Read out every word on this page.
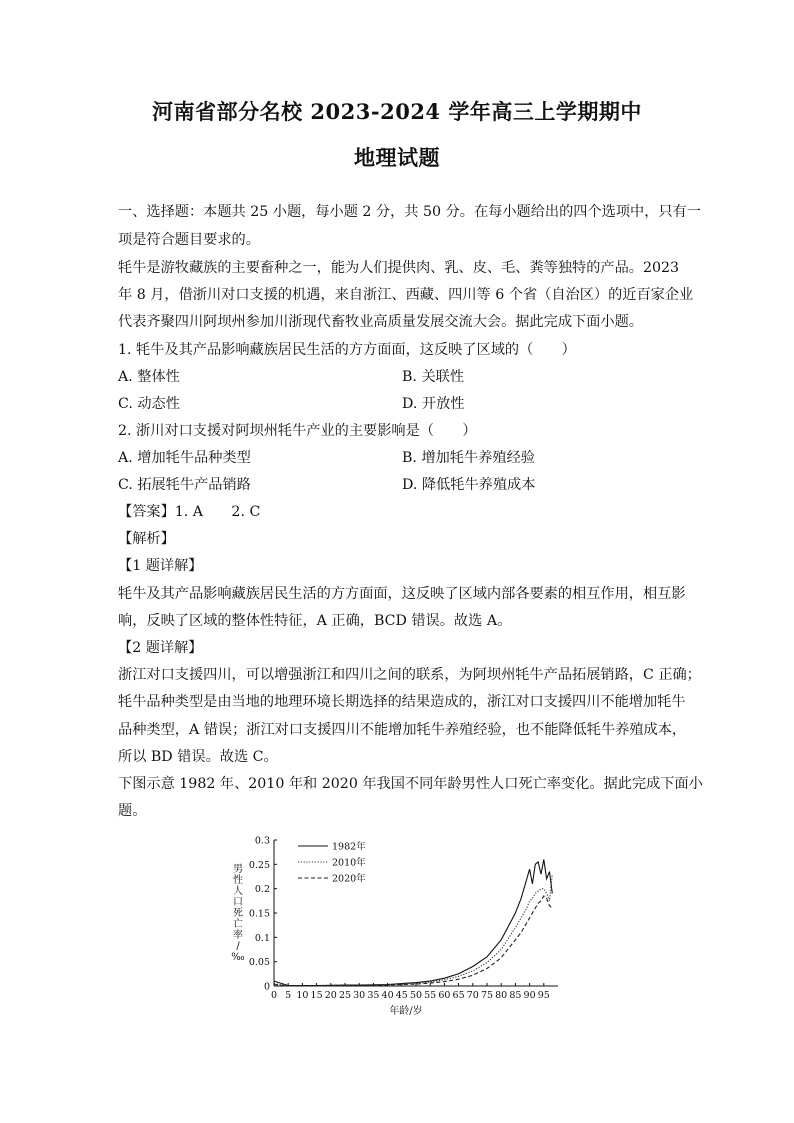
河南省部分名校 2023-2024 学年高三上学期期中
地理试题
一、选择题：本题共 25 小题，每小题 2 分，共 50 分。在每小题给出的四个选项中，只有一
项是符合题目要求的。
牦牛是游牧藏族的主要畜种之一，能为人们提供肉、乳、皮、毛、粪等独特的产品。2023
年 8 月，借浙川对口支援的机遇，来自浙江、西藏、四川等 6 个省（自治区）的近百家企业
代表齐聚四川阿坝州参加川浙现代畜牧业高质量发展交流大会。据此完成下面小题。
1. 牦牛及其产品影响藏族居民生活的方方面面，这反映了区域的（　　）
A. 整体性	B. 关联性
C. 动态性	D. 开放性
2. 浙川对口支援对阿坝州牦牛产业的主要影响是（　　）
A. 增加牦牛品种类型	B. 增加牦牛养殖经验
C. 拓展牦牛产品销路	D. 降低牦牛养殖成本
【答案】1. A　　2. C
【解析】
【1 题详解】
牦牛及其产品影响藏族居民生活的方方面面，这反映了区域内部各要素的相互作用，相互影
响，反映了区域的整体性特征，A 正确，BCD 错误。故选 A。
【2 题详解】
浙江对口支援四川，可以增强浙江和四川之间的联系，为阿坝州牦牛产品拓展销路，C 正确；
牦牛品种类型是由当地的地理环境长期选择的结果造成的，浙江对口支援四川不能增加牦牛
品种类型，A 错误；浙江对口支援四川不能增加牦牛养殖经验，也不能降低牦牛养殖成本，
所以 BD 错误。故选 C。
下图示意 1982 年、2010 年和 2020 年我国不同年龄男性人口死亡率变化。据此完成下面小
题。
0
0.05
0.1
0.15
0.2
0.25
0.3
0 5 10 15 20 25 30 35 40 45 50 55 60 65 70 75 80 85 90 95
男
性
人
口
死
亡
率
/
‰
年龄/岁
1982年
2010年
2020年
